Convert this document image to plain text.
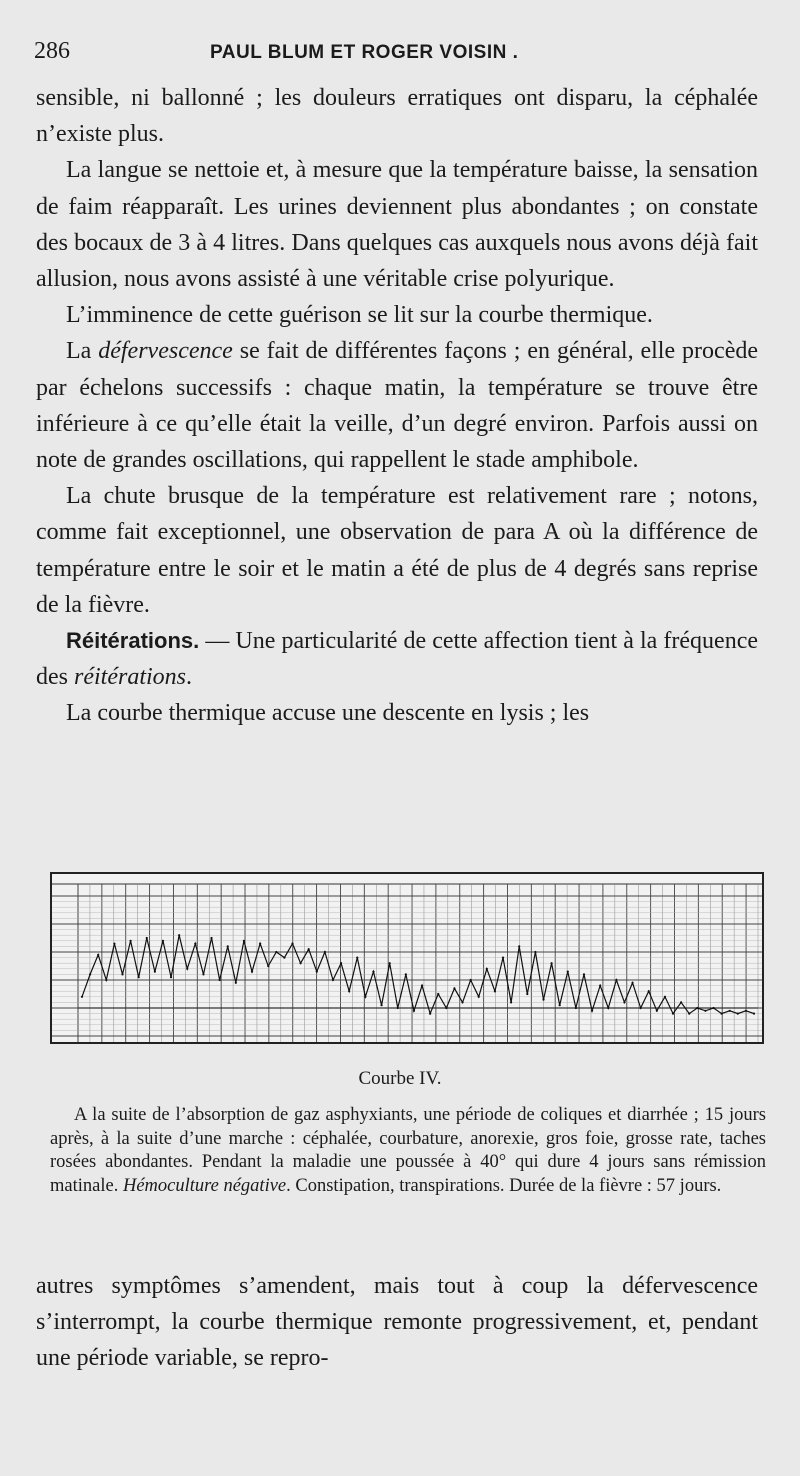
286	PAUL BLUM ET ROGER VOISIN .

sensible, ni ballonné ; les douleurs erratiques ont disparu, la céphalée n’existe plus.

La langue se nettoie et, à mesure que la température baisse, la sensation de faim réapparaît. Les urines deviennent plus abondantes ; on constate des bocaux de 3 à 4 litres. Dans quelques cas auxquels nous avons déjà fait allusion, nous avons assisté à une véritable crise polyurique.

L’imminence de cette guérison se lit sur la courbe thermique.

La défervescence se fait de différentes façons ; en général, elle procède par échelons successifs : chaque matin, la température se trouve être inférieure à ce qu’elle était la veille, d’un degré environ. Parfois aussi on note de grandes oscillations, qui rappellent le stade amphibole.

La chute brusque de la température est relativement rare ; notons, comme fait exceptionnel, une observation de para A où la différence de température entre le soir et le matin a été de plus de 4 degrés sans reprise de la fièvre.

Réitérations. — Une particularité de cette affection tient à la fréquence des réitérations.

La courbe thermique accuse une descente en lysis ; les

Courbe IV.

A la suite de l’absorption de gaz asphyxiants, une période de coliques et diarrhée ; 15 jours après, à la suite d’une marche : céphalée, courbature, anorexie, gros foie, grosse rate, taches rosées abondantes. Pendant la maladie une poussée à 40° qui dure 4 jours sans rémission matinale. Hémoculture négative. Constipation, transpirations. Durée de la fièvre : 57 jours.

autres symptômes s’amendent, mais tout à coup la défervescence s’interrompt, la courbe thermique remonte progressivement, et, pendant une période variable, se repro-
